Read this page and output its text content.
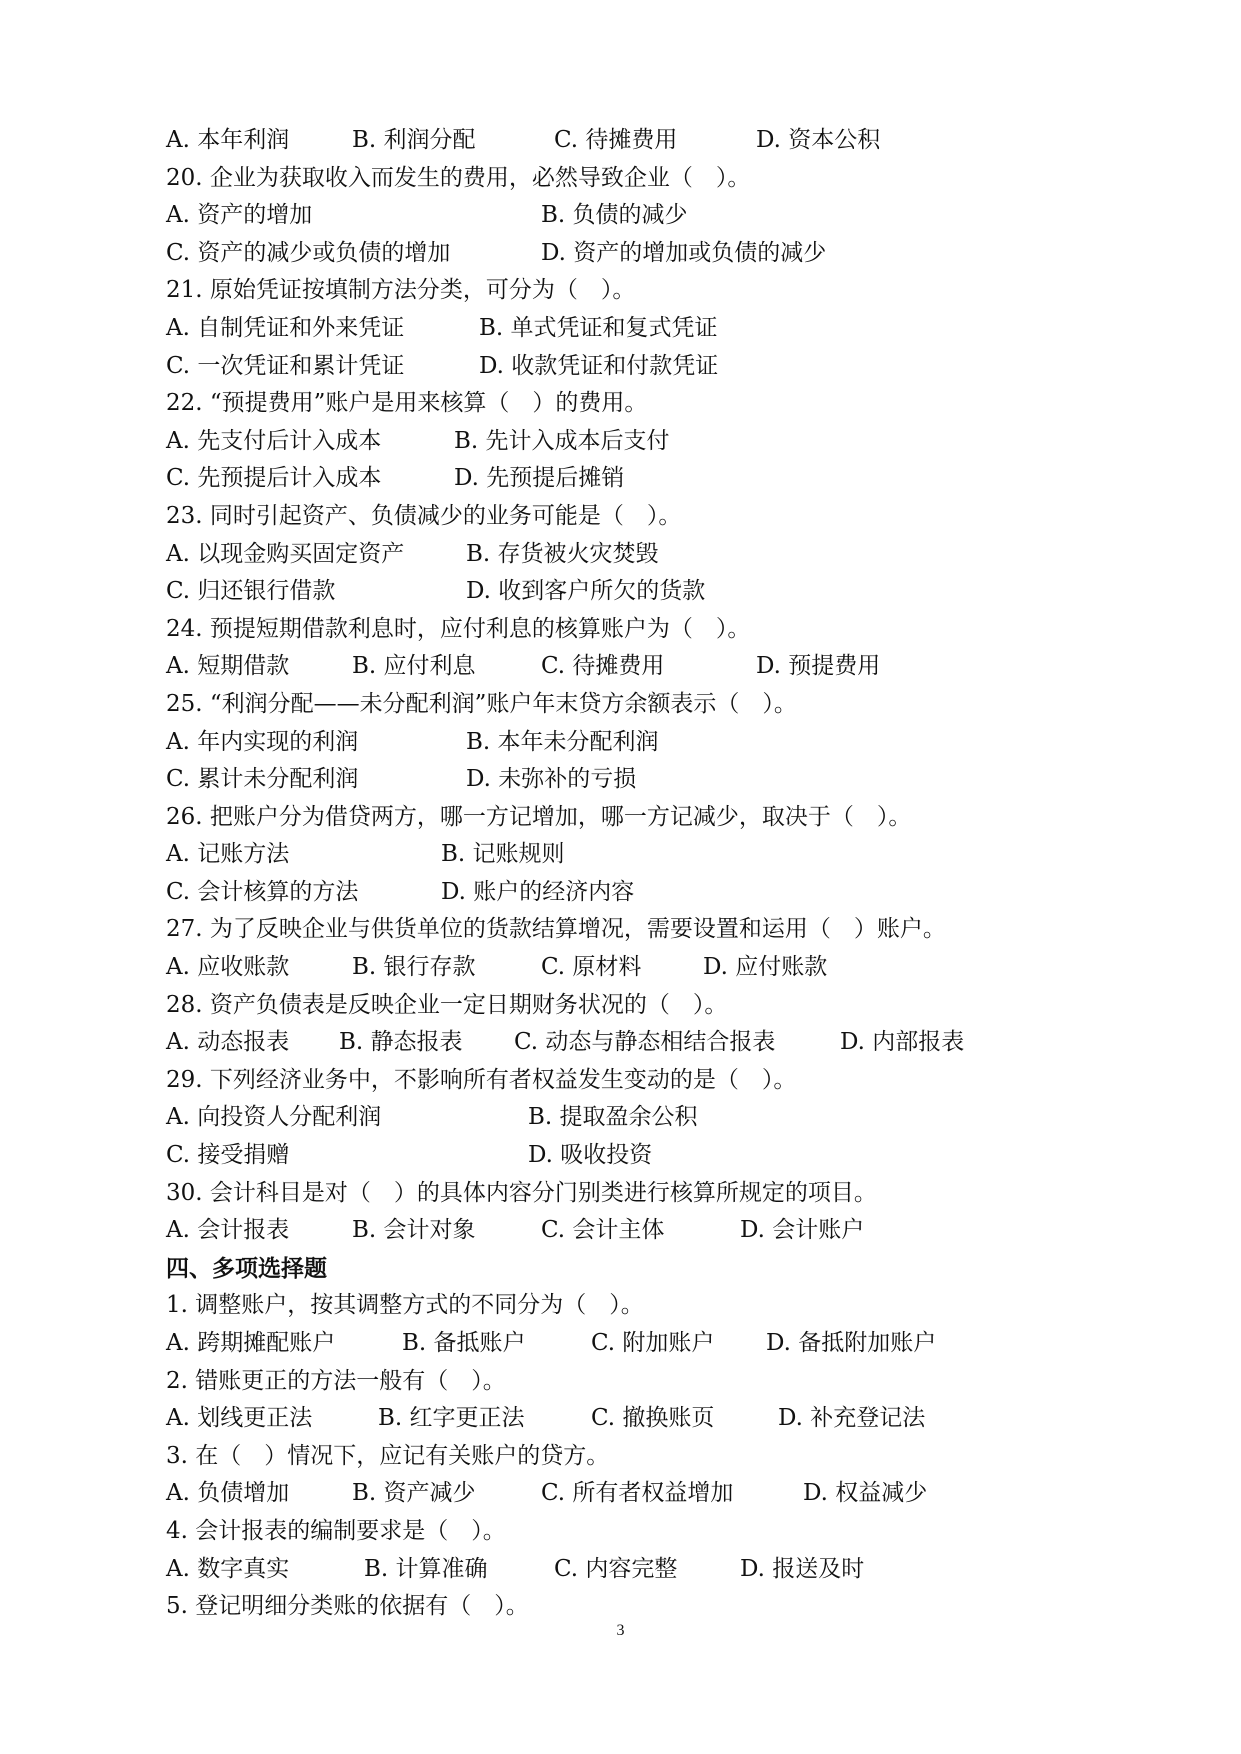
A. 本年利润	B. 利润分配	C. 待摊费用	D. 资本公积
20. 企业为获取收入而发生的费用，必然导致企业（　）。
A. 资产的增加	B. 负债的减少
C. 资产的减少或负债的增加	D. 资产的增加或负债的减少
21. 原始凭证按填制方法分类，可分为（　）。
A. 自制凭证和外来凭证	B. 单式凭证和复式凭证
C. 一次凭证和累计凭证	D. 收款凭证和付款凭证
22. “预提费用”账户是用来核算（　）的费用。
A. 先支付后计入成本	B. 先计入成本后支付
C. 先预提后计入成本	D. 先预提后摊销
23. 同时引起资产、负债减少的业务可能是（　）。
A. 以现金购买固定资产	B. 存货被火灾焚毁
C. 归还银行借款	D. 收到客户所欠的货款
24. 预提短期借款利息时，应付利息的核算账户为（　）。
A. 短期借款	B. 应付利息	C. 待摊费用	D. 预提费用
25. “利润分配——未分配利润”账户年末贷方余额表示（　）。
A. 年内实现的利润	B. 本年未分配利润
C. 累计未分配利润	D. 未弥补的亏损
26. 把账户分为借贷两方，哪一方记增加，哪一方记减少，取决于（　）。
A. 记账方法	B. 记账规则
C. 会计核算的方法	D. 账户的经济内容
27. 为了反映企业与供货单位的货款结算增况，需要设置和运用（　）账户。
A. 应收账款	B. 银行存款	C. 原材料	D. 应付账款
28. 资产负债表是反映企业一定日期财务状况的（　）。
A. 动态报表 B. 静态报表 C. 动态与静态相结合报表	D. 内部报表
29. 下列经济业务中，不影响所有者权益发生变动的是（　）。
A. 向投资人分配利润	B. 提取盈余公积
C. 接受捐赠	D. 吸收投资
30. 会计科目是对（　）的具体内容分门别类进行核算所规定的项目。
A. 会计报表	B. 会计对象	C. 会计主体	D. 会计账户
四、多项选择题
1. 调整账户，按其调整方式的不同分为（　）。
A. 跨期摊配账户	B. 备抵账户	C. 附加账户 D. 备抵附加账户
2. 错账更正的方法一般有（　）。
A. 划线更正法	B. 红字更正法	C. 撤换账页	D. 补充登记法
3. 在（　）情况下，应记有关账户的贷方。
A. 负债增加	B. 资产减少	C. 所有者权益增加	D. 权益减少
4. 会计报表的编制要求是（　）。
A. 数字真实	B. 计算准确	C. 内容完整	D. 报送及时
5. 登记明细分类账的依据有（　）。
3
